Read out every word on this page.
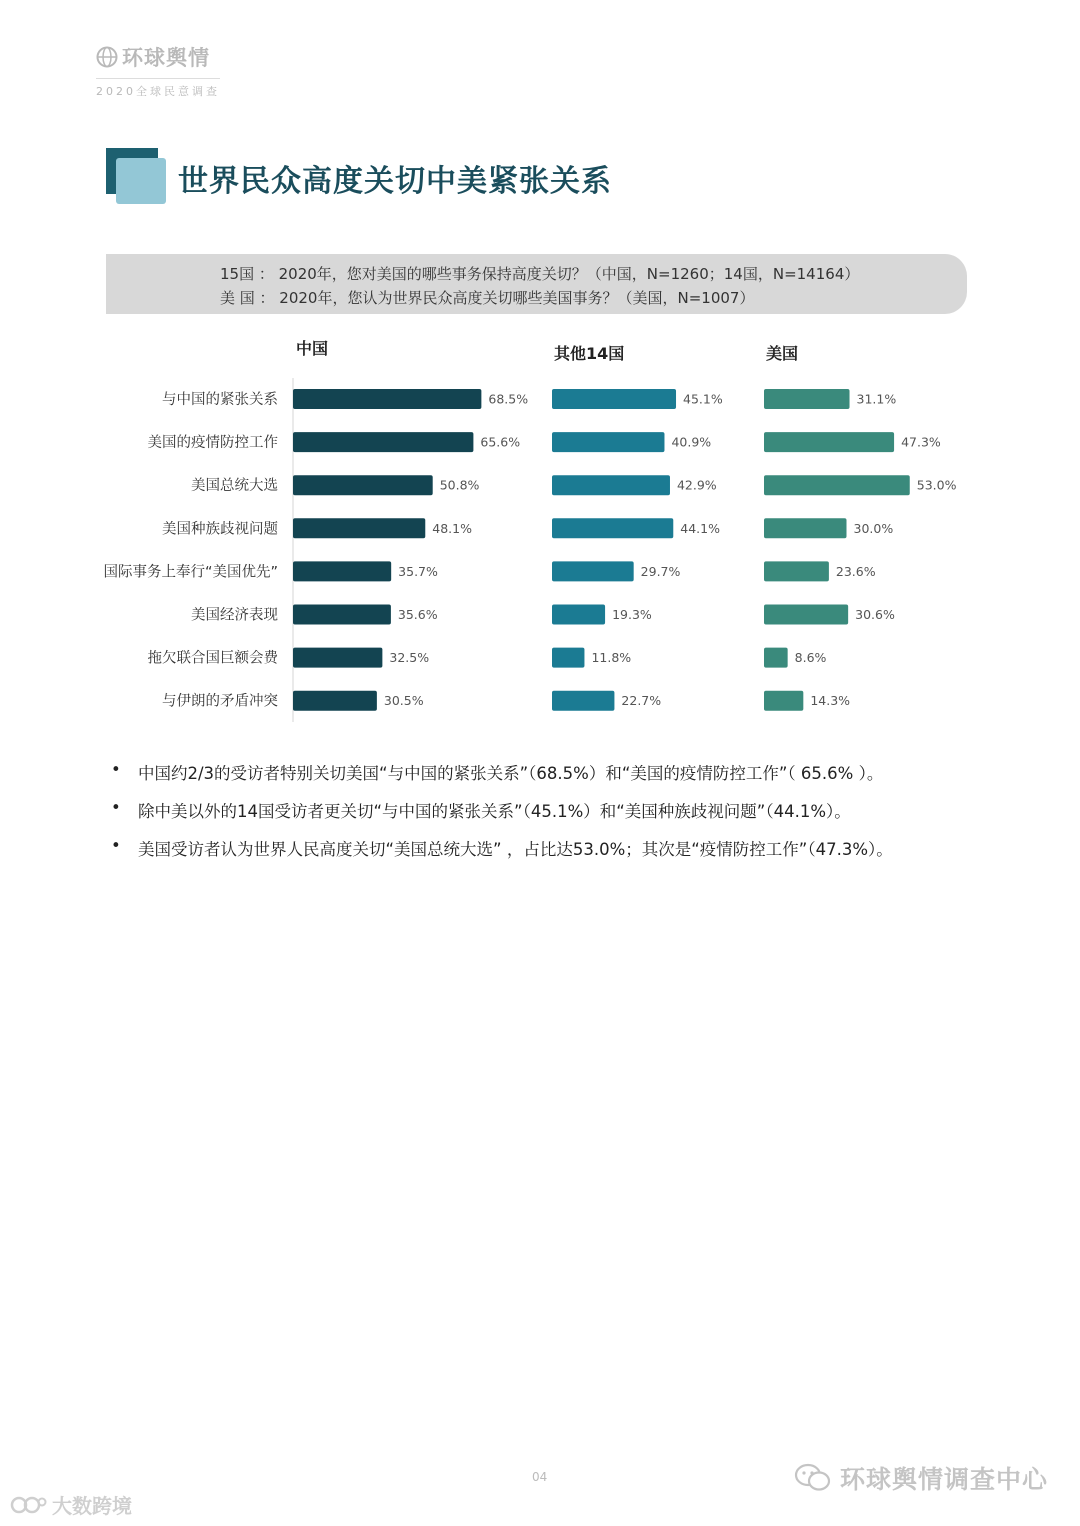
环球舆情
2020全球民意调查
世界民众高度关切中美紧张关系
15国 ： 2020年，您对美国的哪些事务保持高度关切？（中国，N=1260；14国，N=14164）
美 国 ： 2020年，您认为世界民众高度关切哪些美国事务？（美国，N=1007）
与中国的紧张关系
美国的疫情防控工作
美国总统大选
美国种族歧视问题
国际事务上奉行“美国优先”
美国经济表现
拖欠联合国巨额会费
与伊朗的矛盾冲突
中国
68.5%
65.6%
50.8%
48.1%
35.7%
35.6%
32.5%
30.5%
其他14国
45.1%
40.9%
42.9%
44.1%
29.7%
19.3%
11.8%
22.7%
美国
31.1%
47.3%
53.0%
30.0%
23.6%
30.6%
8.6%
14.3%
• 中国约2/3的受访者特别关切美国“与中国的紧张关系”（68.5%）和“美国的疫情防控工作”（ 65.6% ）。
• 除中美以外的14国受访者更关切“与中国的紧张关系”（45.1%）和“美国种族歧视问题”（44.1%）。
• 美国受访者认为世界人民高度关切“美国总统大选” ，占比达53.0%；其次是“疫情防控工作”（47.3%）。
04	环球舆情调查中心
大数跨境
